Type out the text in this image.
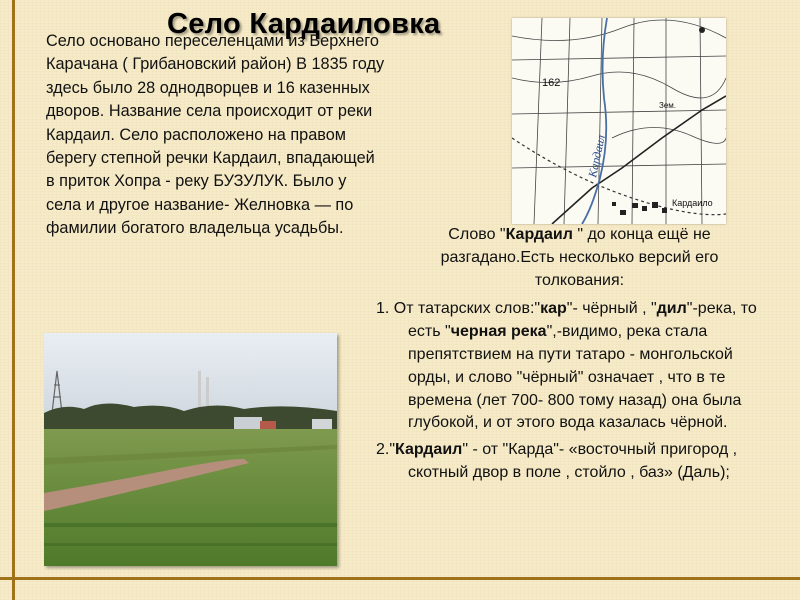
Село Кардаиловка

Село основано переселенцами из Верхнего Карачана ( Грибановский район) В 1835 году здесь было 28 однодворцев и 16 казенных дворов. Название села происходит от реки Кардаил. Село расположено на правом берегу степной речки Кардаил, впадающей в приток Хопра - реку БУЗУЛУК. Было у села и другое название- Желновка — по фамилии богатого владельца усадьбы.

162
Зем.
Кардаил
Кардаило

Слово "Кардаил " до конца ещё не разгадано.Есть несколько версий его толкования:

1. От татарских слов:"кар"- чёрный , "дил"-река, то есть "черная река",-видимо, река стала препятствием на пути татаро - монгольской орды, и слово "чёрный" означает , что в те времена (лет 700- 800 тому назад) она была глубокой, и от этого вода казалась чёрной.

2."Кардаил" - от "Карда"- «восточный пригород , скотный двор в поле , стойло , баз» (Даль);
